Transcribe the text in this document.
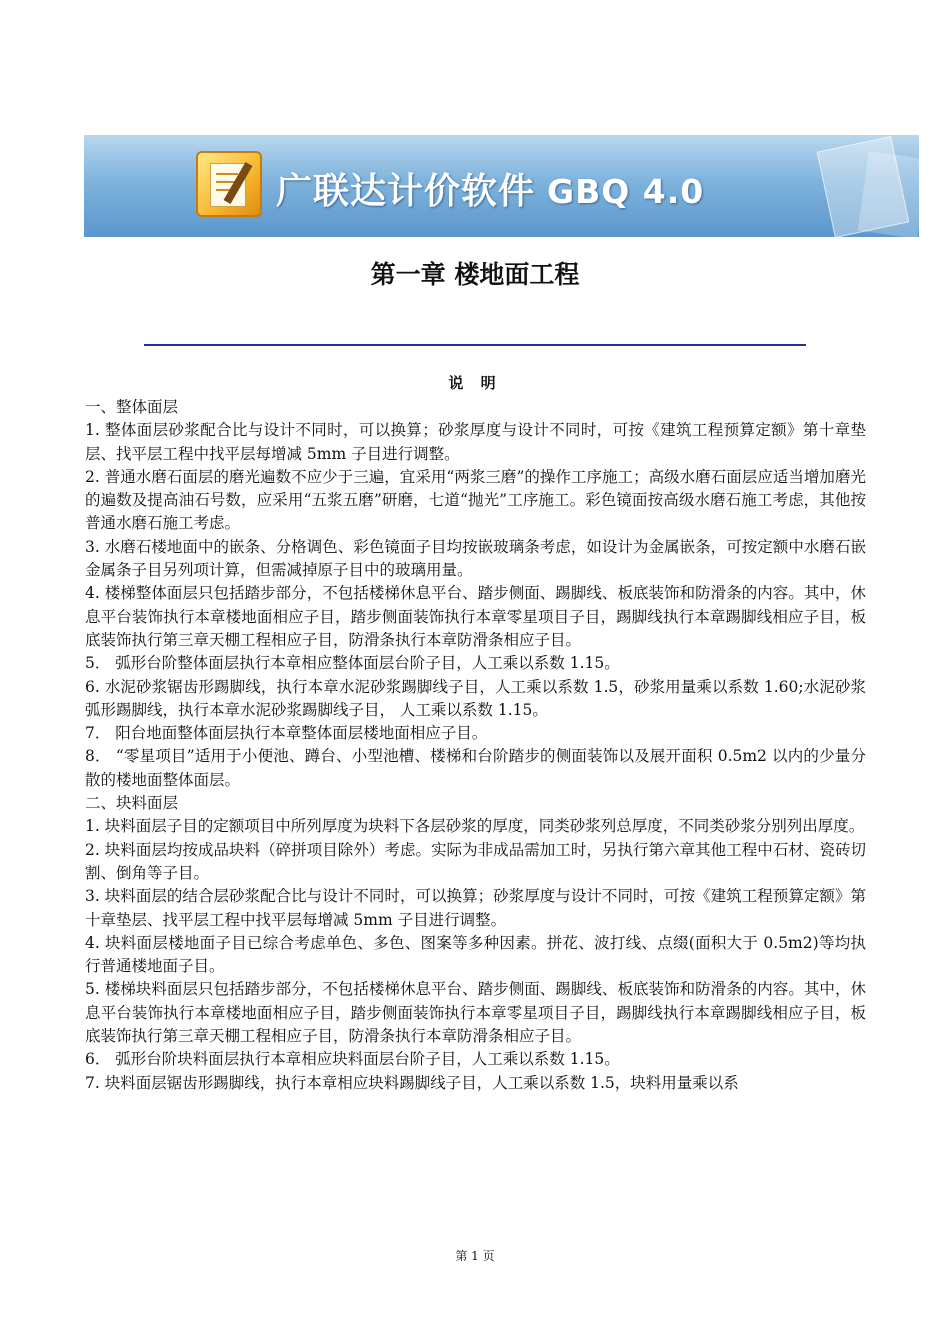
广联达计价软件 GBQ 4.0
第一章 楼地面工程
说 明

一、整体面层

1. 整体面层砂浆配合比与设计不同时，可以换算；砂浆厚度与设计不同时，可按《建筑工程预算定额》第十章垫层、找平层工程中找平层每增减 5mm 子目进行调整。

2. 普通水磨石面层的磨光遍数不应少于三遍，宜采用“两浆三磨”的操作工序施工；高级水磨石面层应适当增加磨光的遍数及提高油石号数，应采用“五浆五磨”研磨，七道“抛光”工序施工。彩色镜面按高级水磨石施工考虑，其他按普通水磨石施工考虑。

3. 水磨石楼地面中的嵌条、分格调色、彩色镜面子目均按嵌玻璃条考虑，如设计为金属嵌条，可按定额中水磨石嵌金属条子目另列项计算，但需减掉原子目中的玻璃用量。

4. 楼梯整体面层只包括踏步部分，不包括楼梯休息平台、踏步侧面、踢脚线、板底装饰和防滑条的内容。其中，休息平台装饰执行本章楼地面相应子目，踏步侧面装饰执行本章零星项目子目，踢脚线执行本章踢脚线相应子目，板底装饰执行第三章天棚工程相应子目，防滑条执行本章防滑条相应子目。

5． 弧形台阶整体面层执行本章相应整体面层台阶子目，人工乘以系数 1.15。

6. 水泥砂浆锯齿形踢脚线，执行本章水泥砂浆踢脚线子目，人工乘以系数 1.5，砂浆用量乘以系数 1.60;水泥砂浆弧形踢脚线，执行本章水泥砂浆踢脚线子目， 人工乘以系数 1.15。

7． 阳台地面整体面层执行本章整体面层楼地面相应子目。

8． “零星项目”适用于小便池、蹲台、小型池槽、楼梯和台阶踏步的侧面装饰以及展开面积 0.5m2 以内的少量分散的楼地面整体面层。

二、块料面层

1. 块料面层子目的定额项目中所列厚度为块料下各层砂浆的厚度，同类砂浆列总厚度，不同类砂浆分别列出厚度。

2. 块料面层均按成品块料（碎拼项目除外）考虑。实际为非成品需加工时，另执行第六章其他工程中石材、瓷砖切割、倒角等子目。

3. 块料面层的结合层砂浆配合比与设计不同时，可以换算；砂浆厚度与设计不同时，可按《建筑工程预算定额》第十章垫层、找平层工程中找平层每增减 5mm 子目进行调整。

4. 块料面层楼地面子目已综合考虑单色、多色、图案等多种因素。拼花、波打线、点缀(面积大于 0.5m2)等均执行普通楼地面子目。

5. 楼梯块料面层只包括踏步部分，不包括楼梯休息平台、踏步侧面、踢脚线、板底装饰和防滑条的内容。其中，休息平台装饰执行本章楼地面相应子目，踏步侧面装饰执行本章零星项目子目，踢脚线执行本章踢脚线相应子目，板底装饰执行第三章天棚工程相应子目，防滑条执行本章防滑条相应子目。

6． 弧形台阶块料面层执行本章相应块料面层台阶子目，人工乘以系数 1.15。

7. 块料面层锯齿形踢脚线，执行本章相应块料踢脚线子目，人工乘以系数 1.5，块料用量乘以系

第 1 页
